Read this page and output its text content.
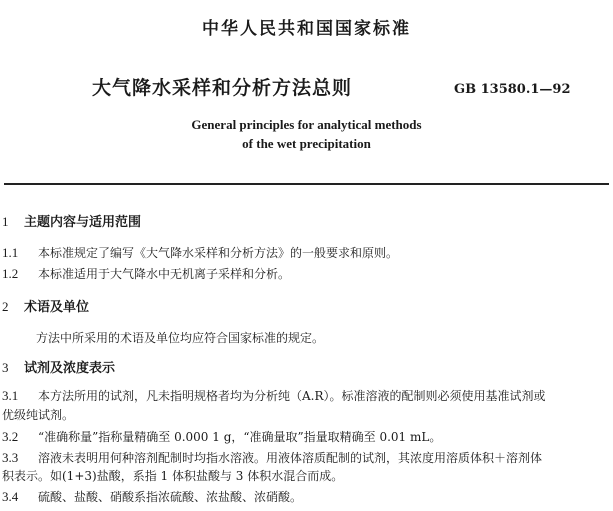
中华人民共和国国家标准
大气降水采样和分析方法总则	GB 13580.1—92
General principles for analytical methods
of the wet precipitation
1 主题内容与适用范围
1.1 本标准规定了编写《大气降水采样和分析方法》的一般要求和原则。
1.2 本标准适用于大气降水中无机离子采样和分析。
2 术语及单位
方法中所采用的术语及单位均应符合国家标准的规定。
3 试剂及浓度表示
3.1 本方法所用的试剂，凡未指明规格者均为分析纯（A.R）。标准溶液的配制则必须使用基准试剂或
优级纯试剂。
3.2 “准确称量”指称量精确至 0.000 1 g，“准确量取”指量取精确至 0.01 mL。
3.3 溶液未表明用何种溶剂配制时均指水溶液。用液体溶质配制的试剂，其浓度用溶质体积＋溶剂体
积表示。如(1+3)盐酸，系指 1 体积盐酸与 3 体积水混合而成。
3.4 硫酸、盐酸、硝酸系指浓硫酸、浓盐酸、浓硝酸。
